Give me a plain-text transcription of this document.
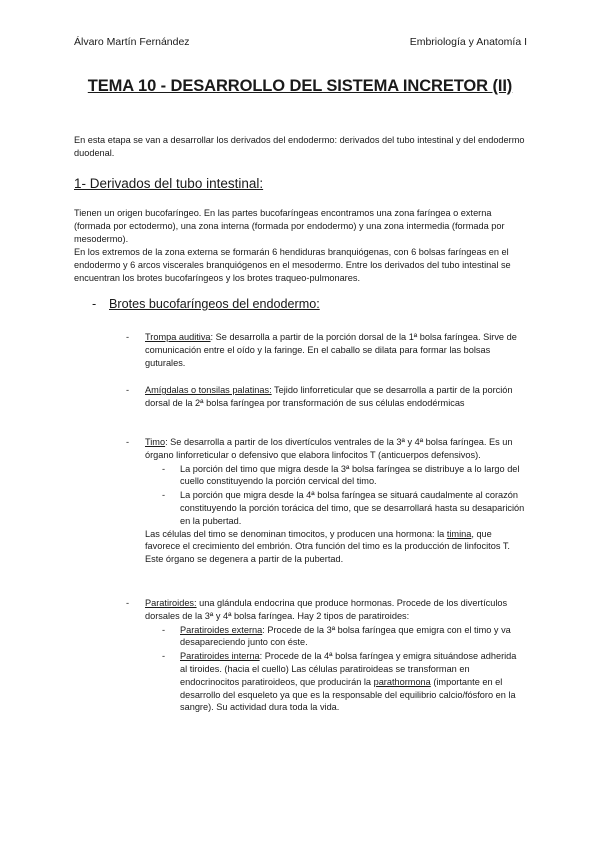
Álvaro Martín Fernández	Embriología y Anatomía I
TEMA 10 - DESARROLLO DEL SISTEMA INCRETOR (II)

En esta etapa se van a desarrollar los derivados del endodermo: derivados del tubo intestinal y del endodermo duodenal.

1- Derivados del tubo intestinal:

Tienen un origen bucofaríngeo. En las partes bucofaríngeas encontramos una zona faríngea o externa (formada por ectodermo), una zona interna (formada por endodermo) y una zona intermedia (formada por mesodermo).

En los extremos de la zona externa se formarán 6 hendiduras branquiógenas, con 6 bolsas faríngeas en el endodermo y 6 arcos viscerales branquiógenos en el mesodermo. Entre los derivados del tubo intestinal se encuentran los brotes bucofaríngeos y los brotes traqueo-pulmonares.

- Brotes bucofaríngeos del endodermo:
- Trompa auditiva: Se desarrolla a partir de la porción dorsal de la 1ª bolsa faríngea. Sirve de comunicación entre el oído y la faringe. En el caballo se dilata para formar las bolsas guturales.
- Amígdalas o tonsilas palatinas: Tejido linforreticular que se desarrolla a partir de la porción dorsal de la 2ª bolsa faríngea por transformación de sus células endodérmicas
- Timo: Se desarrolla a partir de los divertículos ventrales de la 3ª y 4ª bolsa faríngea. Es un órgano linforreticular o defensivo que elabora linfocitos T (anticuerpos defensivos).
- La porción del timo que migra desde la 3ª bolsa faríngea se distribuye a lo largo del cuello constituyendo la porción cervical del timo.
- La porción que migra desde la 4ª bolsa faríngea se situará caudalmente al corazón constituyendo la porción torácica del timo, que se desarrollará hasta su desaparición en la pubertad.
Las células del timo se denominan timocitos, y producen una hormona: la timina, que favorece el crecimiento del embrión. Otra función del timo es la producción de linfocitos T. Este órgano se degenera a partir de la pubertad.
- Paratiroides: una glándula endocrina que produce hormonas. Procede de los divertículos dorsales de la 3ª y 4ª bolsa faríngea. Hay 2 tipos de paratiroides:
- Paratiroides externa: Procede de la 3ª bolsa faríngea que emigra con el timo y va desapareciendo junto con éste.
- Paratiroides interna: Procede de la 4ª bolsa faríngea y emigra situándose adherida al tiroides. (hacia el cuello) Las células paratiroideas se transforman en endocrinocitos paratiroideos, que producirán la parathormona (importante en el desarrollo del esqueleto ya que es la responsable del equilibrio calcio/fósforo en la sangre). Su actividad dura toda la vida.
